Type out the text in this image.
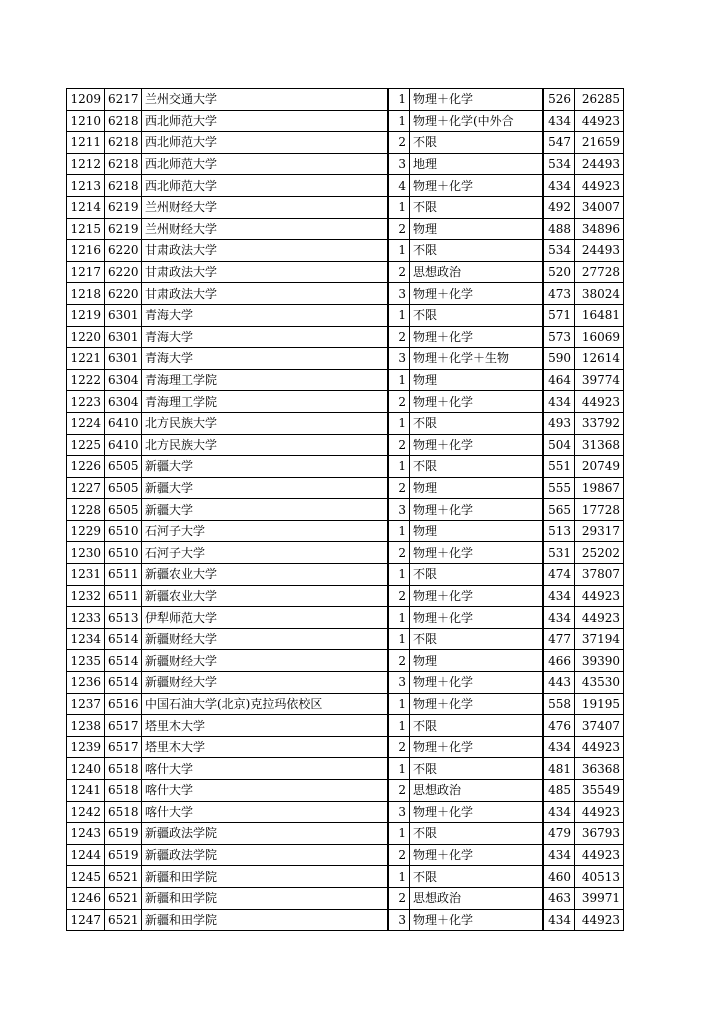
1209	6217	兰州交通大学	1	物理＋化学	526	26285
1210	6218	西北师范大学	1	物理＋化学(中外合	434	44923
1211	6218	西北师范大学	2	不限	547	21659
1212	6218	西北师范大学	3	地理	534	24493
1213	6218	西北师范大学	4	物理＋化学	434	44923
1214	6219	兰州财经大学	1	不限	492	34007
1215	6219	兰州财经大学	2	物理	488	34896
1216	6220	甘肃政法大学	1	不限	534	24493
1217	6220	甘肃政法大学	2	思想政治	520	27728
1218	6220	甘肃政法大学	3	物理＋化学	473	38024
1219	6301	青海大学	1	不限	571	16481
1220	6301	青海大学	2	物理＋化学	573	16069
1221	6301	青海大学	3	物理＋化学＋生物	590	12614
1222	6304	青海理工学院	1	物理	464	39774
1223	6304	青海理工学院	2	物理＋化学	434	44923
1224	6410	北方民族大学	1	不限	493	33792
1225	6410	北方民族大学	2	物理＋化学	504	31368
1226	6505	新疆大学	1	不限	551	20749
1227	6505	新疆大学	2	物理	555	19867
1228	6505	新疆大学	3	物理＋化学	565	17728
1229	6510	石河子大学	1	物理	513	29317
1230	6510	石河子大学	2	物理＋化学	531	25202
1231	6511	新疆农业大学	1	不限	474	37807
1232	6511	新疆农业大学	2	物理＋化学	434	44923
1233	6513	伊犁师范大学	1	物理＋化学	434	44923
1234	6514	新疆财经大学	1	不限	477	37194
1235	6514	新疆财经大学	2	物理	466	39390
1236	6514	新疆财经大学	3	物理＋化学	443	43530
1237	6516	中国石油大学(北京)克拉玛依校区	1	物理＋化学	558	19195
1238	6517	塔里木大学	1	不限	476	37407
1239	6517	塔里木大学	2	物理＋化学	434	44923
1240	6518	喀什大学	1	不限	481	36368
1241	6518	喀什大学	2	思想政治	485	35549
1242	6518	喀什大学	3	物理＋化学	434	44923
1243	6519	新疆政法学院	1	不限	479	36793
1244	6519	新疆政法学院	2	物理＋化学	434	44923
1245	6521	新疆和田学院	1	不限	460	40513
1246	6521	新疆和田学院	2	思想政治	463	39971
1247	6521	新疆和田学院	3	物理＋化学	434	44923
